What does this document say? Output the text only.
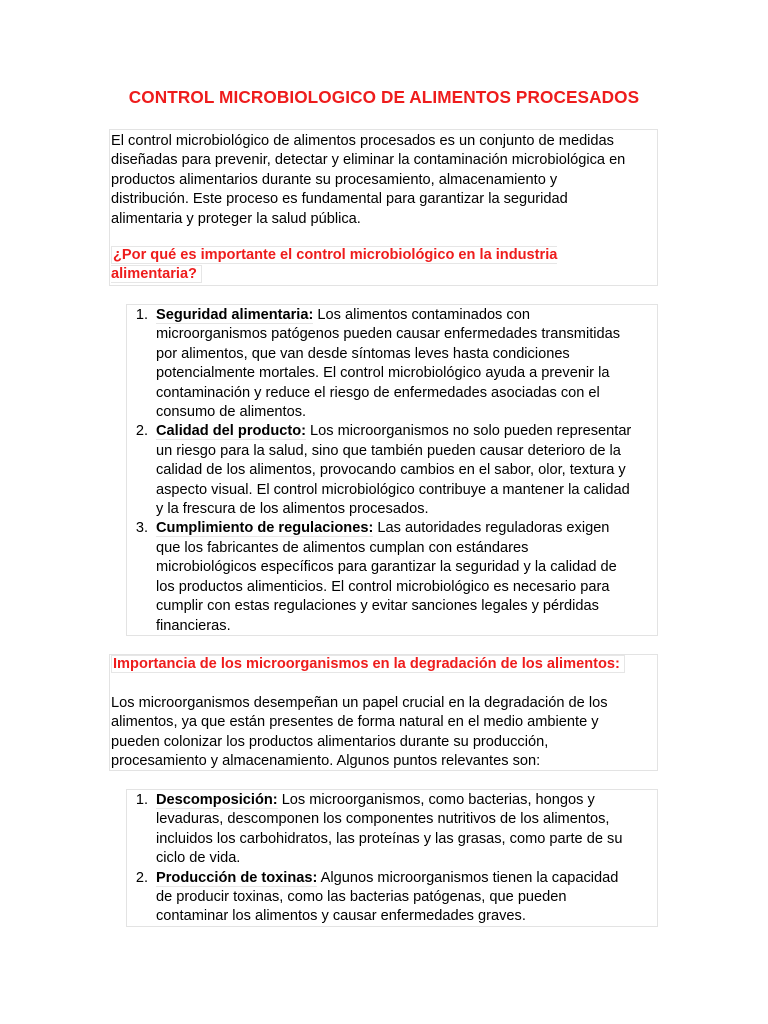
CONTROL MICROBIOLOGICO DE ALIMENTOS PROCESADOS

El control microbiológico de alimentos procesados es un conjunto de medidas
diseñadas para prevenir, detectar y eliminar la contaminación microbiológica en
productos alimentarios durante su procesamiento, almacenamiento y
distribución. Este proceso es fundamental para garantizar la seguridad
alimentaria y proteger la salud pública.

¿Por qué es importante el control microbiológico en la industria
alimentaria?

1. Seguridad alimentaria: Los alimentos contaminados con
microorganismos patógenos pueden causar enfermedades transmitidas
por alimentos, que van desde síntomas leves hasta condiciones
potencialmente mortales. El control microbiológico ayuda a prevenir la
contaminación y reduce el riesgo de enfermedades asociadas con el
consumo de alimentos.
2. Calidad del producto: Los microorganismos no solo pueden representar
un riesgo para la salud, sino que también pueden causar deterioro de la
calidad de los alimentos, provocando cambios en el sabor, olor, textura y
aspecto visual. El control microbiológico contribuye a mantener la calidad
y la frescura de los alimentos procesados.
3. Cumplimiento de regulaciones: Las autoridades reguladoras exigen
que los fabricantes de alimentos cumplan con estándares
microbiológicos específicos para garantizar la seguridad y la calidad de
los productos alimenticios. El control microbiológico es necesario para
cumplir con estas regulaciones y evitar sanciones legales y pérdidas
financieras.

Importancia de los microorganismos en la degradación de los alimentos:

Los microorganismos desempeñan un papel crucial en la degradación de los
alimentos, ya que están presentes de forma natural en el medio ambiente y
pueden colonizar los productos alimentarios durante su producción,
procesamiento y almacenamiento. Algunos puntos relevantes son:

1. Descomposición: Los microorganismos, como bacterias, hongos y
levaduras, descomponen los componentes nutritivos de los alimentos,
incluidos los carbohidratos, las proteínas y las grasas, como parte de su
ciclo de vida.
2. Producción de toxinas: Algunos microorganismos tienen la capacidad
de producir toxinas, como las bacterias patógenas, que pueden
contaminar los alimentos y causar enfermedades graves.
